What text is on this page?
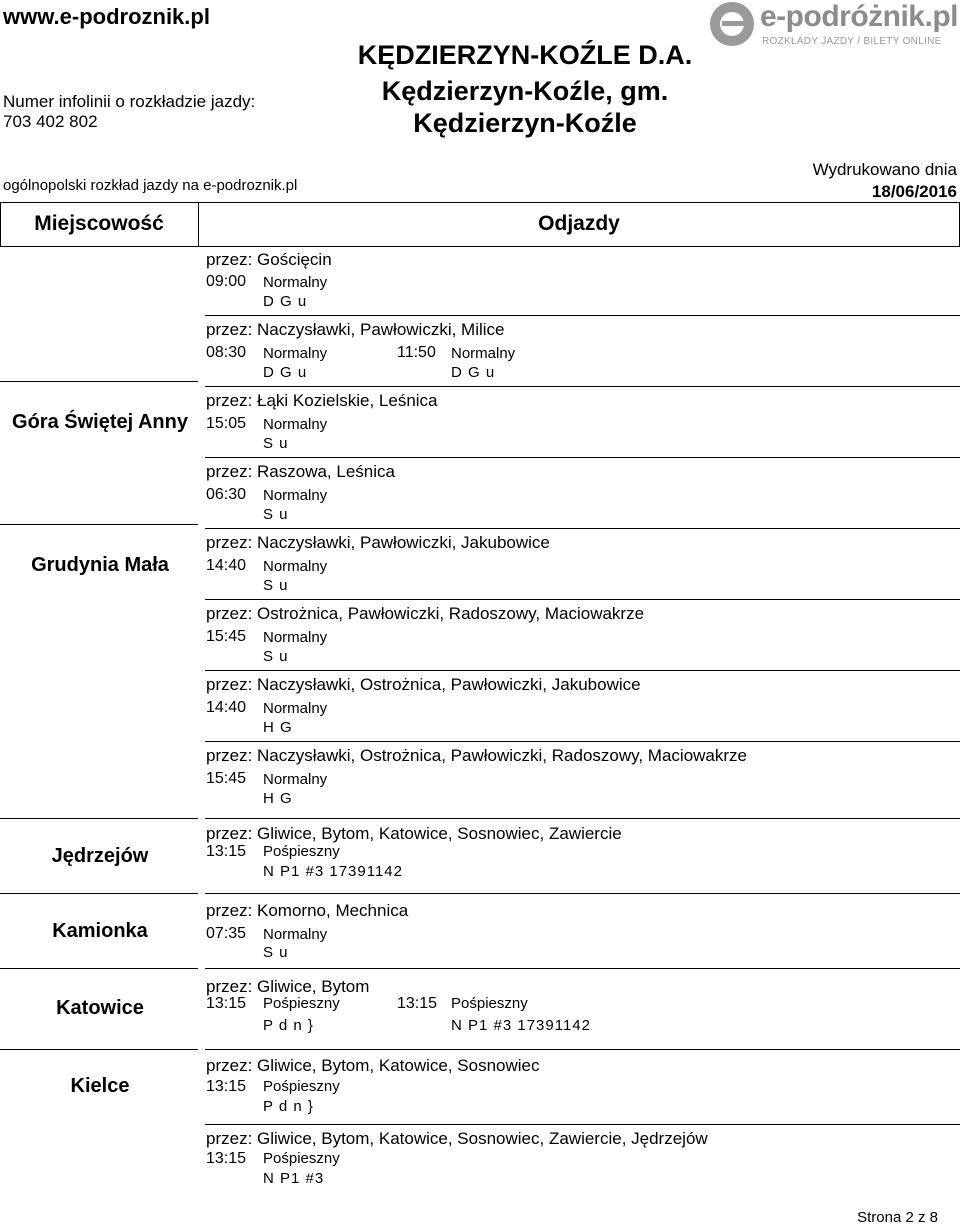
www.e-podroznik.pl
Numer infolinii o rozkładzie jazdy:
703 402 802
KĘDZIERZYN-KOŹLE D.A.
Kędzierzyn-Koźle, gm.
Kędzierzyn-Koźle
e-podróżnik.pl
ROZKŁADY JAZDY / BILETY ONLINE
ogólnopolski rozkład jazdy na e-podroznik.pl
Wydrukowano dnia
18/06/2016
Miejscowość	Odjazdy
Góra Świętej Anny
Grudynia Mała
Jędrzejów
Kamionka
Katowice
Kielce
przez: Gościęcin
09:00 Normalny
D G u
przez: Naczysławki, Pawłowiczki, Milice
08:30 Normalny
D G u
11:50 Normalny
D G u
przez: Łąki Kozielskie, Leśnica
15:05 Normalny
S u
przez: Raszowa, Leśnica
06:30 Normalny
S u
przez: Naczysławki, Pawłowiczki, Jakubowice
14:40 Normalny
S u
przez: Ostrożnica, Pawłowiczki, Radoszowy, Maciowakrze
15:45 Normalny
S u
przez: Naczysławki, Ostrożnica, Pawłowiczki, Jakubowice
14:40 Normalny
H G
przez: Naczysławki, Ostrożnica, Pawłowiczki, Radoszowy, Maciowakrze
15:45 Normalny
H G
przez: Gliwice, Bytom, Katowice, Sosnowiec, Zawiercie
13:15 Pośpieszny
N P1 #3 17391142
przez: Komorno, Mechnica
07:35 Normalny
S u
przez: Gliwice, Bytom
13:15 Pośpieszny
P d n }
13:15 Pośpieszny
N P1 #3 17391142
przez: Gliwice, Bytom, Katowice, Sosnowiec
13:15 Pośpieszny
P d n }
przez: Gliwice, Bytom, Katowice, Sosnowiec, Zawiercie, Jędrzejów
13:15 Pośpieszny
N P1 #3
Strona 2 z 8
